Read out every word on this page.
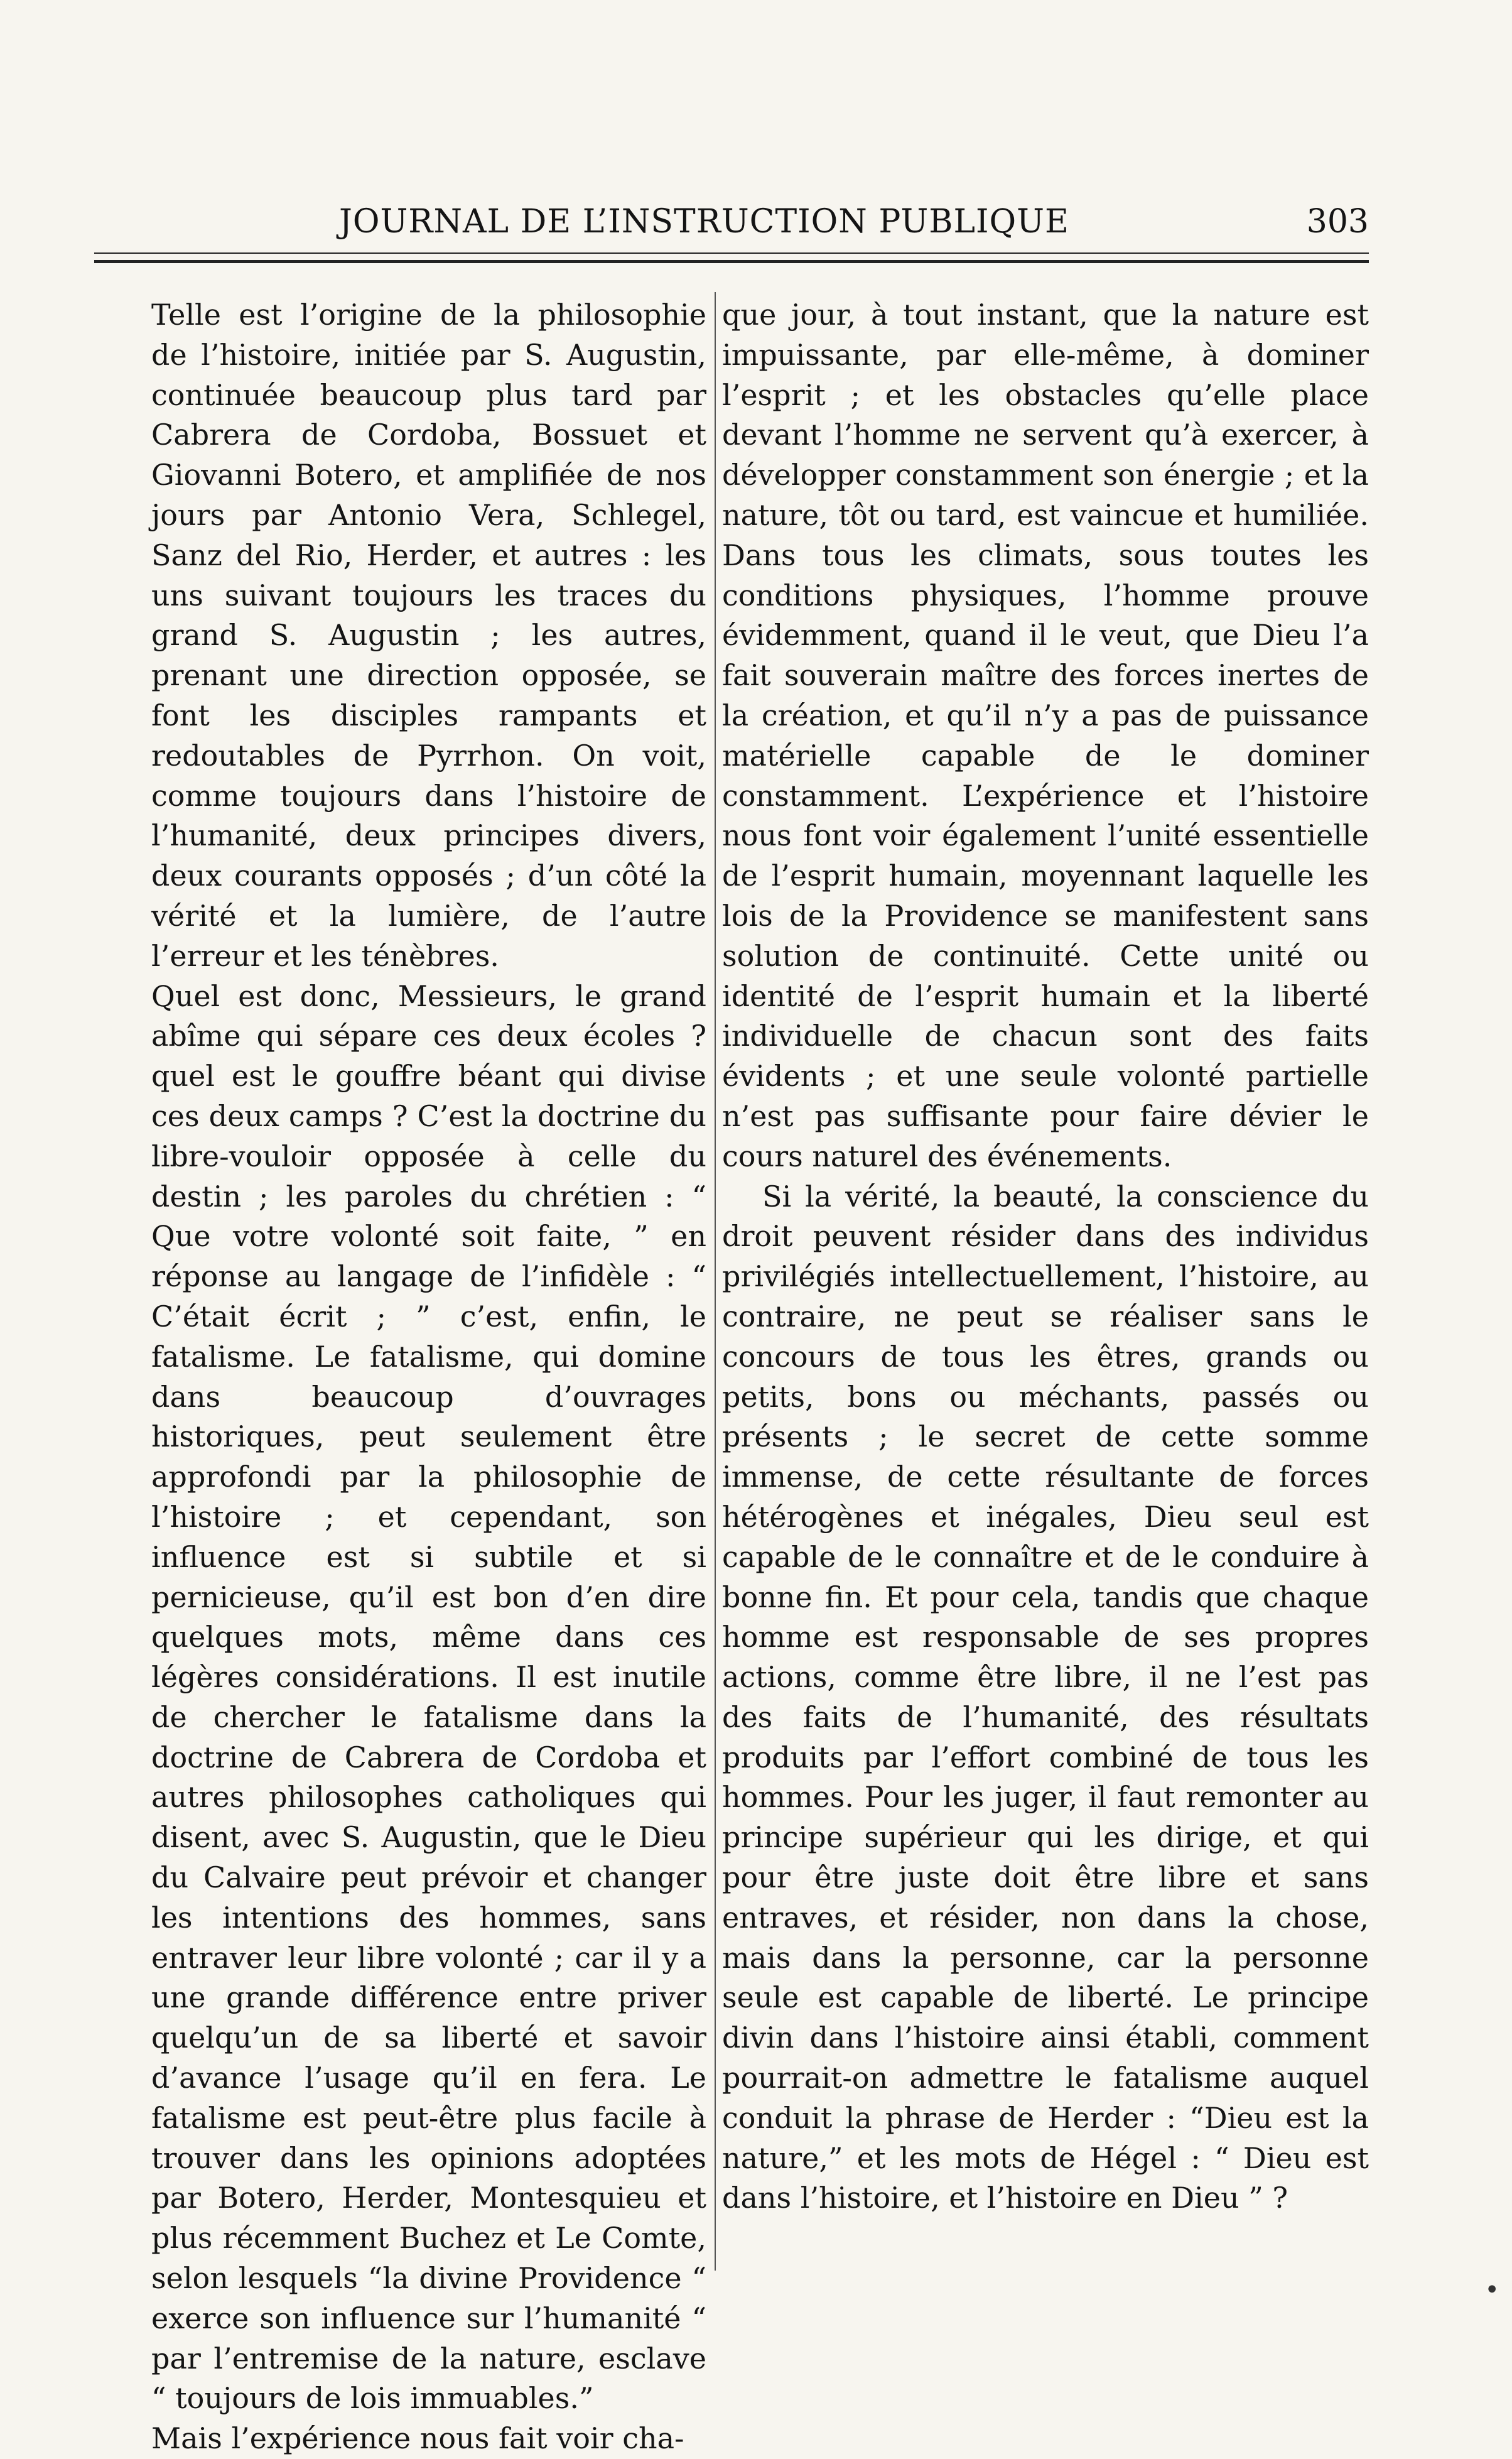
JOURNAL DE L’INSTRUCTION PUBLIQUE	303

Telle est l’origine de la philosophie de l’histoire, initiée par S. Augustin, continuée beaucoup plus tard par Cabrera de Cordoba, Bossuet et Giovanni Botero, et amplifiée de nos jours par Antonio Vera, Schlegel, Sanz del Rio, Herder, et autres : les uns suivant toujours les traces du grand S. Augustin ; les autres, prenant une direction opposée, se font les disciples rampants et redoutables de Pyrrhon. On voit, comme toujours dans l’histoire de l’humanité, deux principes divers, deux courants opposés ; d’un côté la vérité et la lumière, de l’autre l’erreur et les ténèbres.

Quel est donc, Messieurs, le grand abîme qui sépare ces deux écoles ? quel est le gouffre béant qui divise ces deux camps ? C’est la doctrine du libre-vouloir opposée à celle du destin ; les paroles du chrétien : “ Que votre volonté soit faite, ” en réponse au langage de l’infidèle : “ C’était écrit ; ” c’est, enfin, le fatalisme. Le fatalisme, qui domine dans beaucoup d’ouvrages historiques, peut seulement être approfondi par la philosophie de l’histoire ; et cependant, son influence est si subtile et si pernicieuse, qu’il est bon d’en dire quelques mots, même dans ces légères considérations. Il est inutile de chercher le fatalisme dans la doctrine de Cabrera de Cordoba et autres philosophes catholiques qui disent, avec S. Augustin, que le Dieu du Calvaire peut prévoir et changer les intentions des hommes, sans entraver leur libre volonté ; car il y a une grande différence entre priver quelqu’un de sa liberté et savoir d’avance l’usage qu’il en fera. Le fatalisme est peut-être plus facile à trouver dans les opinions adoptées par Botero, Herder, Montesquieu et plus récemment Buchez et Le Comte, selon lesquels “la divine Providence “ exerce son influence sur l’humanité “ par l’entremise de la nature, esclave “ toujours de lois immuables.”

Mais l’expérience nous fait voir cha-

que jour, à tout instant, que la nature est impuissante, par elle-même, à dominer l’esprit ; et les obstacles qu’elle place devant l’homme ne servent qu’à exercer, à développer constamment son énergie ; et la nature, tôt ou tard, est vaincue et humiliée. Dans tous les climats, sous toutes les conditions physiques, l’homme prouve évidemment, quand il le veut, que Dieu l’a fait souverain maître des forces inertes de la création, et qu’il n’y a pas de puissance matérielle capable de le dominer constamment. L’expérience et l’histoire nous font voir également l’unité essentielle de l’esprit humain, moyennant laquelle les lois de la Providence se manifestent sans solution de continuité. Cette unité ou identité de l’esprit humain et la liberté individuelle de chacun sont des faits évidents ; et une seule volonté partielle n’est pas suffisante pour faire dévier le cours naturel des événements.

Si la vérité, la beauté, la conscience du droit peuvent résider dans des individus privilégiés intellectuellement, l’histoire, au contraire, ne peut se réaliser sans le concours de tous les êtres, grands ou petits, bons ou méchants, passés ou présents ; le secret de cette somme immense, de cette résultante de forces hétérogènes et inégales, Dieu seul est capable de le connaître et de le conduire à bonne fin. Et pour cela, tandis que chaque homme est responsable de ses propres actions, comme être libre, il ne l’est pas des faits de l’humanité, des résultats produits par l’effort combiné de tous les hommes. Pour les juger, il faut remonter au principe supérieur qui les dirige, et qui pour être juste doit être libre et sans entraves, et résider, non dans la chose, mais dans la personne, car la personne seule est capable de liberté. Le principe divin dans l’histoire ainsi établi, comment pourrait-on admettre le fatalisme auquel conduit la phrase de Herder : “Dieu est la nature,” et les mots de Hégel : “ Dieu est dans l’histoire, et l’histoire en Dieu ” ?

•
